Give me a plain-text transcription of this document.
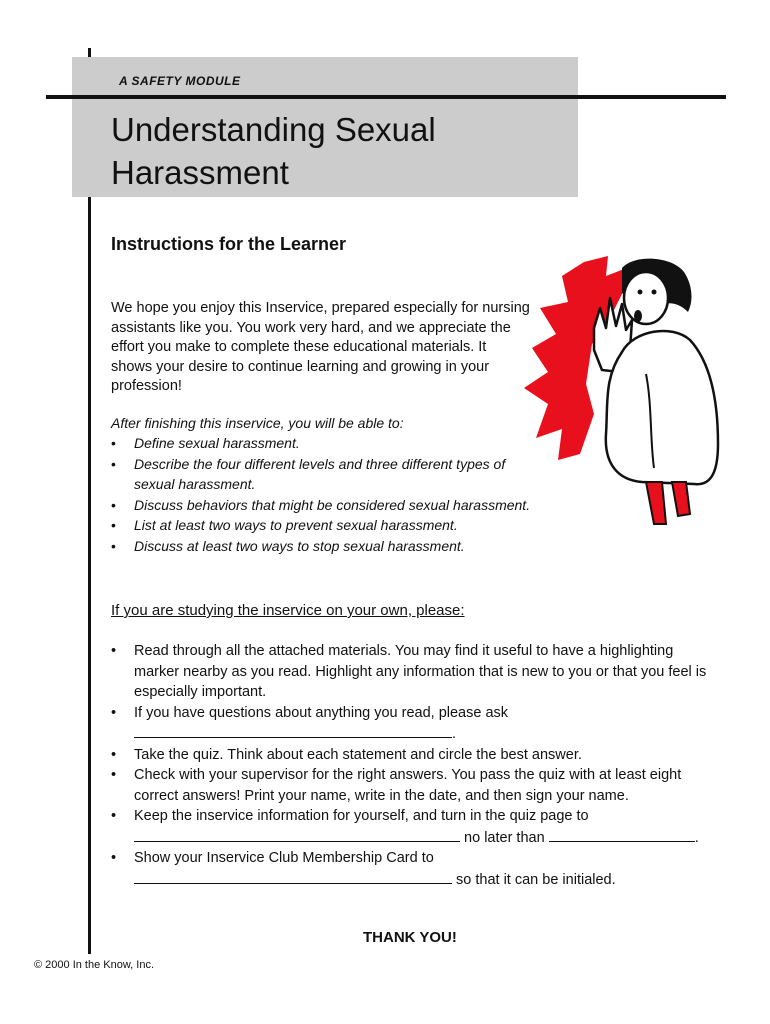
A SAFETY MODULE
Understanding Sexual
Harassment
Instructions for the Learner

We hope you enjoy this Inservice, prepared especially for nursing assistants like you. You work very hard, and we appreciate the effort you make to complete these educational materials. It shows your desire to continue learning and growing in your profession!

After finishing this inservice, you will be able to:

• Define sexual harassment.
• Describe the four different levels and three different types of sexual harassment.
• Discuss behaviors that might be considered sexual harassment.
• List at least two ways to prevent sexual harassment.
• Discuss at least two ways to stop sexual harassment.

If you are studying the inservice on your own, please:

• Read through all the attached materials. You may find it useful to have a highlighting marker nearby as you read. Highlight any information that is new to you or that you feel is especially important.
• If you have questions about anything you read, please ask
.
• Take the quiz. Think about each statement and circle the best answer.
• Check with your supervisor for the right answers. You pass the quiz with at least eight correct answers! Print your name, write in the date, and then sign your name.
• Keep the inservice information for yourself, and turn in the quiz page to
no later than	.
• Show your Inservice Club Membership Card to
so that it can be initialed.

THANK YOU!

© 2000 In the Know, Inc.
